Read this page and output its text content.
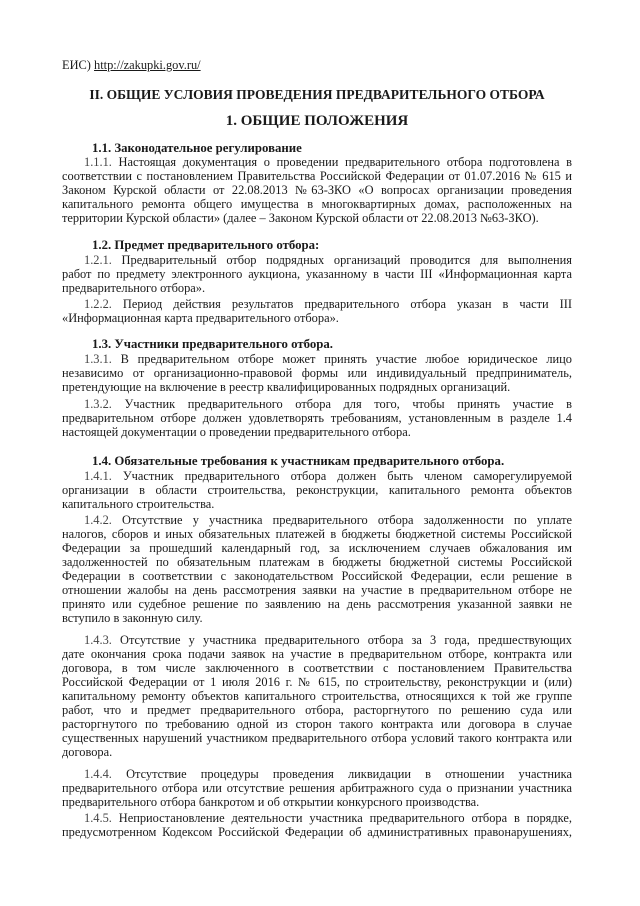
ЕИС) http://zakupki.gov.ru/
II. ОБЩИЕ УСЛОВИЯ ПРОВЕДЕНИЯ ПРЕДВАРИТЕЛЬНОГО ОТБОРА
1. ОБЩИЕ ПОЛОЖЕНИЯ
1.1. Законодательное регулирование
1.1.1. Настоящая документация о проведении предварительного отбора подготовлена в
соответствии с постановлением Правительства Российской Федерации от 01.07.2016 № 615 и
Законом Курской области от 22.08.2013 №63-ЗКО «О вопросах организации проведения
капитального ремонта общего имущества в многоквартирных домах, расположенных на
территории Курской области» (далее – Законом Курской области от 22.08.2013 №63-ЗКО).
1.2. Предмет предварительного отбора:
1.2.1. Предварительный отбор подрядных организаций проводится для выполнения
работ по предмету электронного аукциона, указанному в части III «Информационная карта
предварительного отбора».
1.2.2. Период действия результатов предварительного отбора указан в части III
«Информационная карта предварительного отбора».
1.3. Участники предварительного отбора.
1.3.1. В предварительном отборе может принять участие любое юридическое лицо
независимо от организационно-правовой формы или индивидуальный предприниматель,
претендующие на включение в реестр квалифицированных подрядных организаций.
1.3.2. Участник предварительного отбора для того, чтобы принять участие в
предварительном отборе должен удовлетворять требованиям, установленным в разделе 1.4
настоящей документации о проведении предварительного отбора.
1.4. Обязательные требования к участникам предварительного отбора.
1.4.1. Участник предварительного отбора должен быть членом саморегулируемой
организации в области строительства, реконструкции, капитального ремонта объектов
капитального строительства.
1.4.2. Отсутствие у участника предварительного отбора задолженности по уплате
налогов, сборов и иных обязательных платежей в бюджеты бюджетной системы Российской
Федерации за прошедший календарный год, за исключением случаев обжалования им
задолженностей по обязательным платежам в бюджеты бюджетной системы Российской
Федерации в соответствии с законодательством Российской Федерации, если решение в
отношении жалобы на день рассмотрения заявки на участие в предварительном отборе не
принято или судебное решение по заявлению на день рассмотрения указанной заявки не
вступило в законную силу.
1.4.3. Отсутствие у участника предварительного отбора за 3 года, предшествующих
дате окончания срока подачи заявок на участие в предварительном отборе, контракта или
договора, в том числе заключенного в соответствии с постановлением Правительства
Российской Федерации от 1 июля 2016 г. № 615, по строительству, реконструкции и (или)
капитальному ремонту объектов капитального строительства, относящихся к той же группе
работ, что и предмет предварительного отбора, расторгнутого по решению суда или
расторгнутого по требованию одной из сторон такого контракта или договора в случае
существенных нарушений участником предварительного отбора условий такого контракта или
договора.
1.4.4. Отсутствие процедуры проведения ликвидации в отношении участника
предварительного отбора или отсутствие решения арбитражного суда о признании участника
предварительного отбора банкротом и об открытии конкурсного производства.
1.4.5. Неприостановление деятельности участника предварительного отбора в порядке,
предусмотренном Кодексом Российской Федерации об административных правонарушениях,
